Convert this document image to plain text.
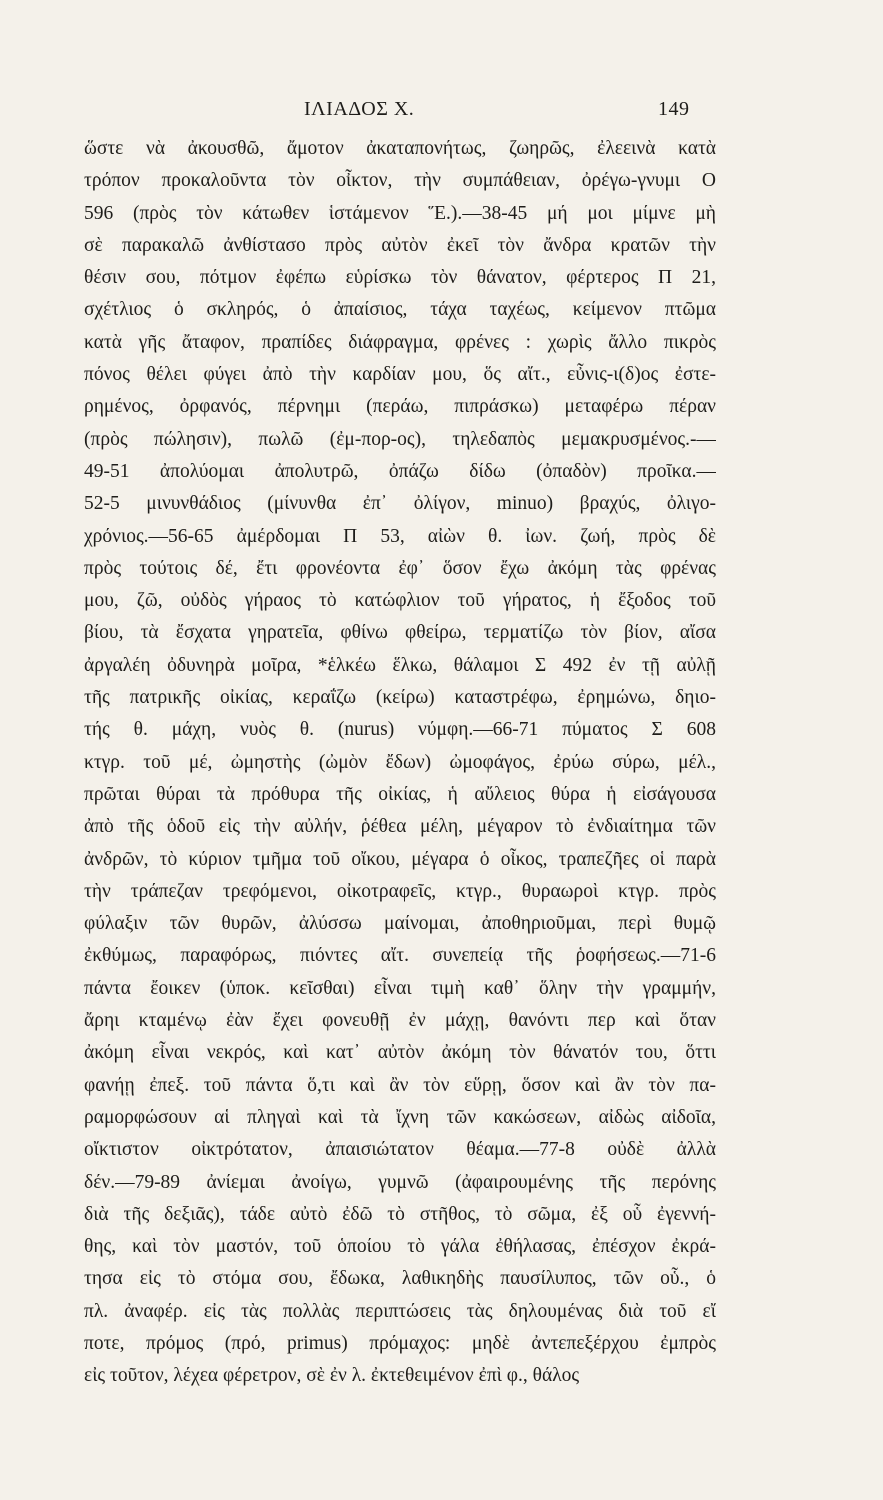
ΙΛΙΑΔΟΣ Χ.	149
ὥστε νὰ ἀκουσθῶ, ἄμοτον ἀκαταπονήτως, ζωηρῶς, ἐλεεινὰ κατὰ
τρόπον προκαλοῦντα τὸν οἶκτον, τὴν συμπάθειαν, ὀρέγω-γνυμι Ο
596 (πρὸς τὸν κάτωθεν ἱστάμενον Ἕ.).—38-45 μή μοι μίμνε μὴ
σὲ παρακαλῶ ἀνθίστασο πρὸς αὐτὸν ἐκεῖ τὸν ἄνδρα κρατῶν τὴν
θέσιν σου, πότμον ἐφέπω εὑρίσκω τὸν θάνατον, φέρτερος Π 21,
σχέτλιος ὁ σκληρός, ὁ ἀπαίσιος, τάχα ταχέως, κείμενον πτῶμα
κατὰ γῆς ἄταφον, πραπίδες διάφραγμα, φρένες : χωρὶς ἄλλο πικρὸς
πόνος θέλει φύγει ἀπὸ τὴν καρδίαν μου, ὅς αἴτ., εὖνις-ι(δ)ος ἐστε-
ρημένος, ὀρφανός, πέρνημι (περάω, πιπράσκω) μεταφέρω πέραν
(πρὸς πώλησιν), πωλῶ (ἐμ-πορ-ος), τηλεδαπὸς μεμακρυσμένος.-—
49-51 ἀπολύομαι ἀπολυτρῶ, ὀπάζω δίδω (ὀπαδὸν) προῖκα.—
52-5 μινυνθάδιος (μίνυνθα ἐπ᾽ ὀλίγον, minuo) βραχύς, ὀλιγο-
χρόνιος.—56-65 ἀμέρδομαι Π 53, αἰὼν θ. ἰων. ζωή, πρὸς δὲ
πρὸς τούτοις δέ, ἔτι φρονέοντα ἐφ᾽ ὅσον ἔχω ἀκόμη τὰς φρένας
μου, ζῶ, οὐδὸς γήραος τὸ κατώφλιον τοῦ γήρατος, ἡ ἔξοδος τοῦ
βίου, τὰ ἔσχατα γηρατεῖα, φθίνω φθείρω, τερματίζω τὸν βίον, αἴσα
ἀργαλέη ὀδυνηρὰ μοῖρα, *ἑλκέω ἕλκω, θάλαμοι Σ 492 ἐν τῇ αὐλῇ
τῆς πατρικῆς οἰκίας, κεραΐζω (κείρω) καταστρέφω, ἐρημώνω, δηιο-
τής θ. μάχη, νυὸς θ. (nurus) νύμφη.—66-71 πύματος Σ 608
κτγρ. τοῦ μέ, ὠμηστὴς (ὠμὸν ἔδων) ὠμοφάγος, ἐρύω σύρω, μέλ.,
πρῶται θύραι τὰ πρόθυρα τῆς οἰκίας, ἡ αὔλειος θύρα ἡ εἰσάγουσα
ἀπὸ τῆς ὁδοῦ εἰς τὴν αὐλήν, ῥέθεα μέλη, μέγαρον τὸ ἐνδιαίτημα τῶν
ἀνδρῶν, τὸ κύριον τμῆμα τοῦ οἴκου, μέγαρα ὁ οἶκος, τραπεζῆες οἱ παρὰ
τὴν τράπεζαν τρεφόμενοι, οἰκοτραφεῖς, κτγρ., θυραωροὶ κτγρ. πρὸς
φύλαξιν τῶν θυρῶν, ἀλύσσω μαίνομαι, ἀποθηριοῦμαι, περὶ θυμῷ
ἐκθύμως, παραφόρως, πιόντες αἴτ. συνεπείᾳ τῆς ῥοφήσεως.—71-6
πάντα ἔοικεν (ὑποκ. κεῖσθαι) εἶναι τιμὴ καθ᾽ ὅλην τὴν γραμμήν,
ἄρηι κταμένῳ ἐὰν ἔχει φονευθῇ ἐν μάχῃ, θανόντι περ καὶ ὅταν
ἀκόμη εἶναι νεκρός, καὶ κατ᾽ αὐτὸν ἀκόμη τὸν θάνατόν του, ὅττι
φανήῃ ἐπεξ. τοῦ πάντα ὅ,τι καὶ ἂν τὸν εὕρῃ, ὅσον καὶ ἂν τὸν πα-
ραμορφώσουν αἱ πληγαὶ καὶ τὰ ἴχνη τῶν κακώσεων, αἰδὼς αἰδοῖα,
οἴκτιστον οἰκτρότατον, ἀπαισιώτατον θέαμα.—77-8 οὐδὲ ἀλλὰ
δέν.—79-89 ἀνίεμαι ἀνοίγω, γυμνῶ (ἀφαιρουμένης τῆς περόνης
διὰ τῆς δεξιᾶς), τάδε αὐτὸ ἐδῶ τὸ στῆθος, τὸ σῶμα, ἐξ οὗ ἐγεννή-
θης, καὶ τὸν μαστόν, τοῦ ὁποίου τὸ γάλα ἐθήλασας, ἐπέσχον ἐκρά-
τησα εἰς τὸ στόμα σου, ἔδωκα, λαθικηδὴς παυσίλυπος, τῶν οὗ., ὁ
πλ. ἀναφέρ. εἰς τὰς πολλὰς περιπτώσεις τὰς δηλουμένας διὰ τοῦ εἴ
ποτε, πρόμος (πρό, primus) πρόμαχος: μηδὲ ἀντεπεξέρχου ἐμπρὸς
εἰς τοῦτον, λέχεα φέρετρον, σὲ ἐν λ. ἐκτεθειμένον ἐπὶ φ., θάλος
